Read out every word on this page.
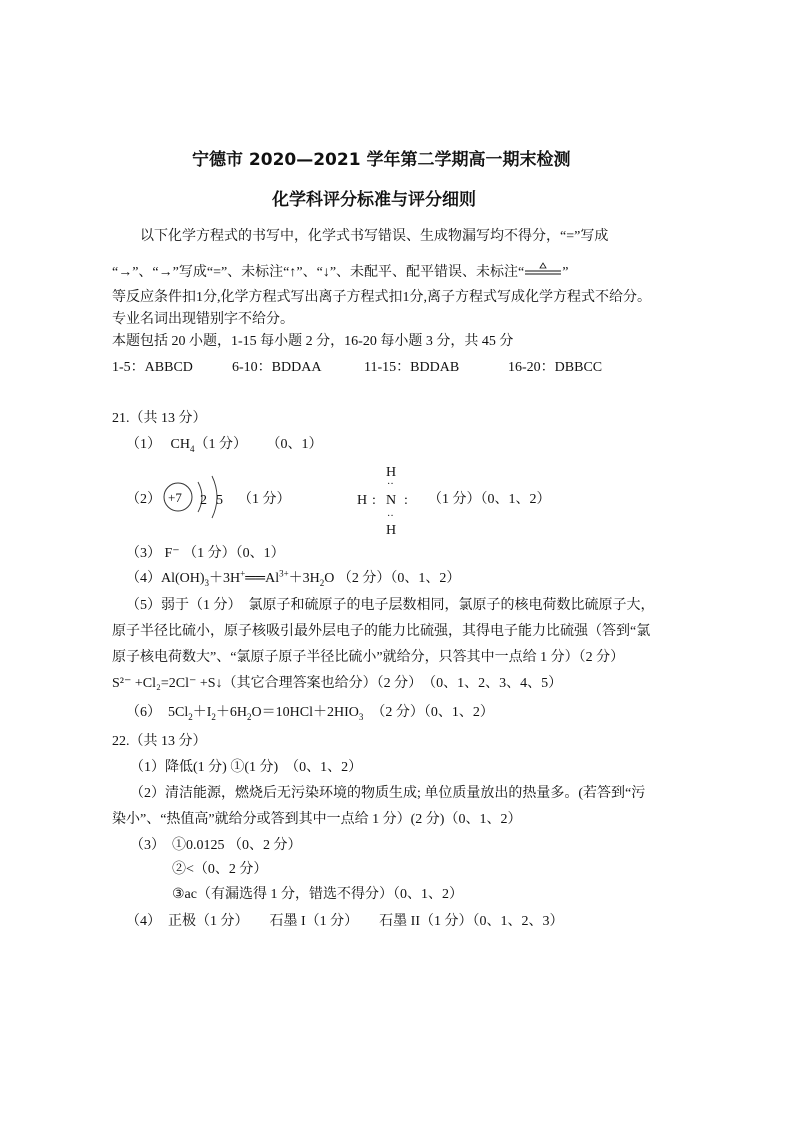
宁德市 2020—2021 学年第二学期高一期末检测
化学科评分标准与评分细则
以下化学方程式的书写中，化学式书写错误、生成物漏写均不得分，“=”写成
“→”、“→”写成“=”、未标注“↑”、“↓”、未配平、配平错误、未标注“	”
等反应条件扣1分,化学方程式写出离子方程式扣1分,离子方程式写成化学方程式不给分。
专业名词出现错别字不给分。
本题包括 20 小题，1-15 每小题 2 分，16-20 每小题 3 分，共 45 分
1-5：ABBCD	6-10：BDDAA	11-15：BDDAB	16-20：DBBCC
21.（共 13 分）
（1） $CH_4(1$ 分） （0、1）
（2） +7 2 5 （1 分）
H
··
H : N :
··
H
（1 分）（0、1、2）
（3） F⁻ （1 分）（0、1）
$(4)Al(OH)_3+3H^+══Al^{3+}+3H_2O$ （2 分）（0、1、2）
（5）弱于（1 分）　氯原子和硫原子的电子层数相同，氯原子的核电荷数比硫原子大，
原子半径比硫小，原子核吸引最外层电子的能力比硫强，其得电子能力比硫强（答到“氯
原子核电荷数大”、“氯原子原子半径比硫小”就给分，只答其中一点给 1 分）（2 分）
S²⁻ +Cl₂=2Cl⁻ +S↓（其它合理答案也给分）（2 分）　（0、1、2、3、4、5）
（6）　$5Cl_2+I_2+6H_2O=10HCl+2HIO_3$ （2 分）（0、1、2）
22.（共 13 分）
（1）降低(1 分) ①(1 分)　（0、1、2）
（2）清洁能源，燃烧后无污染环境的物质生成; 单位质量放出的热量多。(若答到“污
染小”、“热值高”就给分或答到其中一点给 1 分）(2 分)（0、1、2）
（3）　①0.0125 （0、2 分）
②<（0、2 分）
③ac（有漏选得 1 分，错选不得分）（0、1、2）
（4）　正极（1 分）　　石墨 I（1 分）　　石墨 II（1 分）（0、1、2、3）
